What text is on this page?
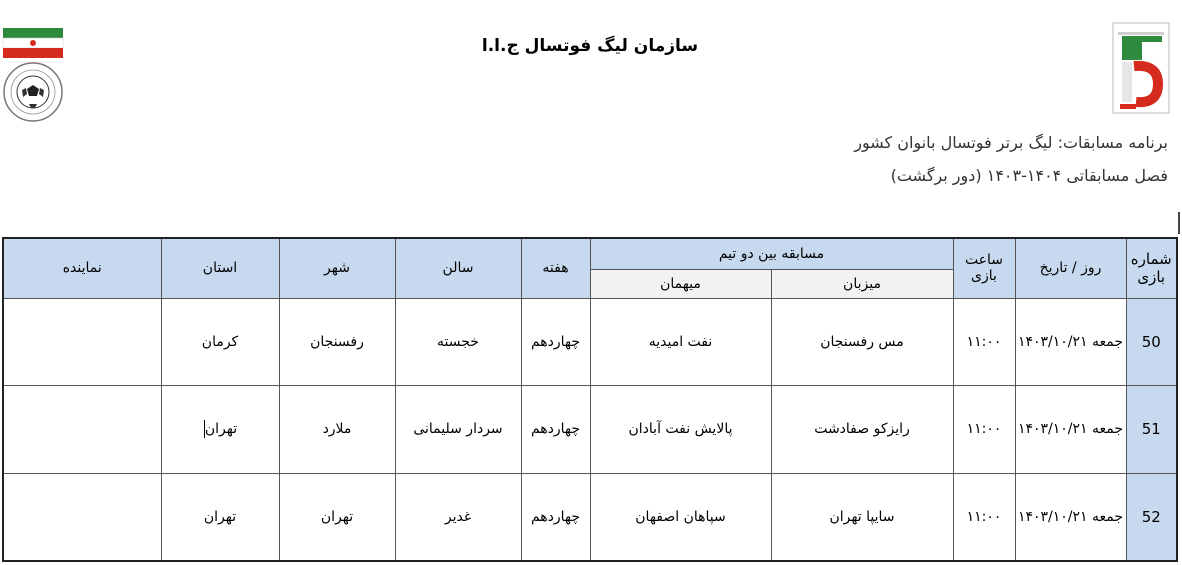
سازمان لیگ فوتسال ج.ا.ا
برنامه مسابقات: لیگ برتر فوتسال بانوان کشور
فصل مسابقاتی ۱۴۰۴-۱۴۰۳ (دور برگشت)
شماره بازی	روز / تاریخ	ساعت بازی	مسابقه بین دو تیم		هفته	سالن	شهر	استان	نماینده
			میزبان	میهمان					
50	جمعه ۱۴۰۳/۱۰/۲۱	۱۱:۰۰	مس رفسنجان	نفت امیدیه	چهاردهم	خجسته	رفسنجان	کرمان	
51	جمعه ۱۴۰۳/۱۰/۲۱	۱۱:۰۰	رایزکو صفادشت	پالایش نفت آبادان	چهاردهم	سردار سلیمانی	ملارد	تهران	
52	جمعه ۱۴۰۳/۱۰/۲۱	۱۱:۰۰	سایپا تهران	سپاهان اصفهان	چهاردهم	غدیر	تهران	تهران	
